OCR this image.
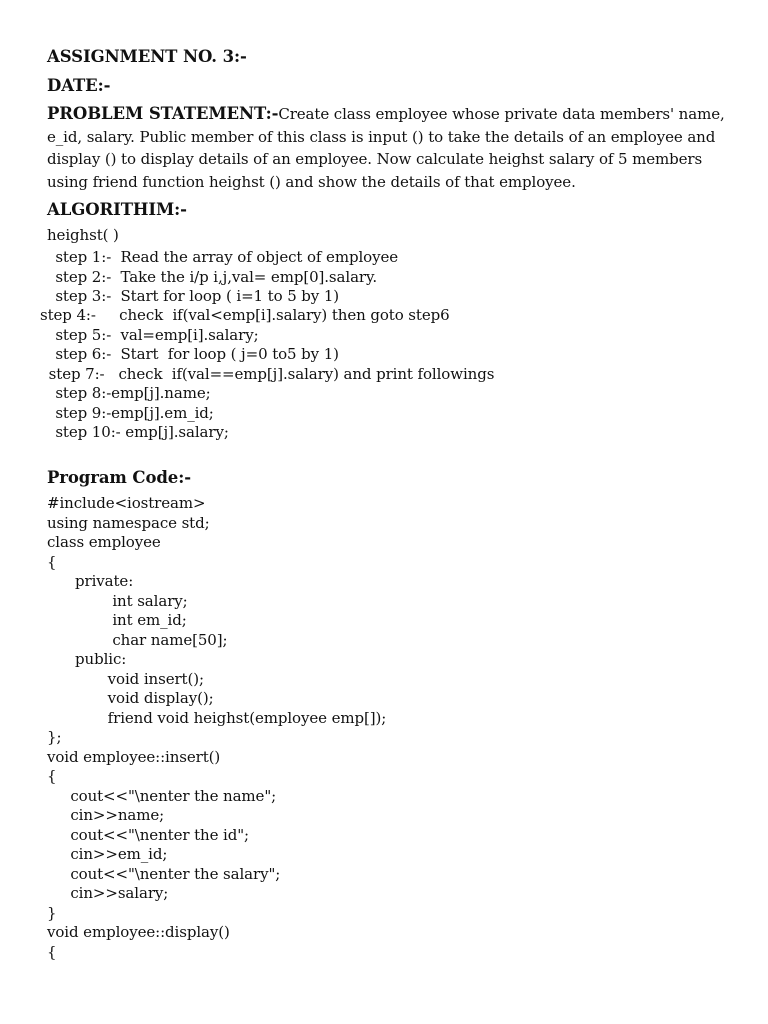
ASSIGNMENT NO. 3:-
DATE:-
PROBLEM STATEMENT:-Create class employee whose private data members' name, e_id, salary. Public member of this class is input () to take the details of an employee and display () to display details of an employee. Now calculate heighst salary of 5 members using friend function heighst () and show the details of that employee.
ALGORITHIM:-
heighst( )
step 1:-  Read the array of object of employee
step 2:-  Take the i/p i,j,val= emp[0].salary.
step 3:-  Start for loop ( i=1 to 5 by 1)
step 4:-     check  if(val<emp[i].salary) then goto step6
step 5:-  val=emp[i].salary;
step 6:-  Start  for loop ( j=0 to5 by 1)
step 7:-   check  if(val==emp[j].salary) and print followings
step 8:-emp[j].name;
step 9:-emp[j].em_id;
step 10:- emp[j].salary;
Program Code:-
#include<iostream>
using namespace std;
class employee
{
private:
int salary;
int em_id;
char name[50];
public:
void insert();
void display();
friend void heighst(employee emp[]);
};
void employee::insert()
{
cout<<"\nenter the name";
cin>>name;
cout<<"\nenter the id";
cin>>em_id;
cout<<"\nenter the salary";
cin>>salary;
}
void employee::display()
{
